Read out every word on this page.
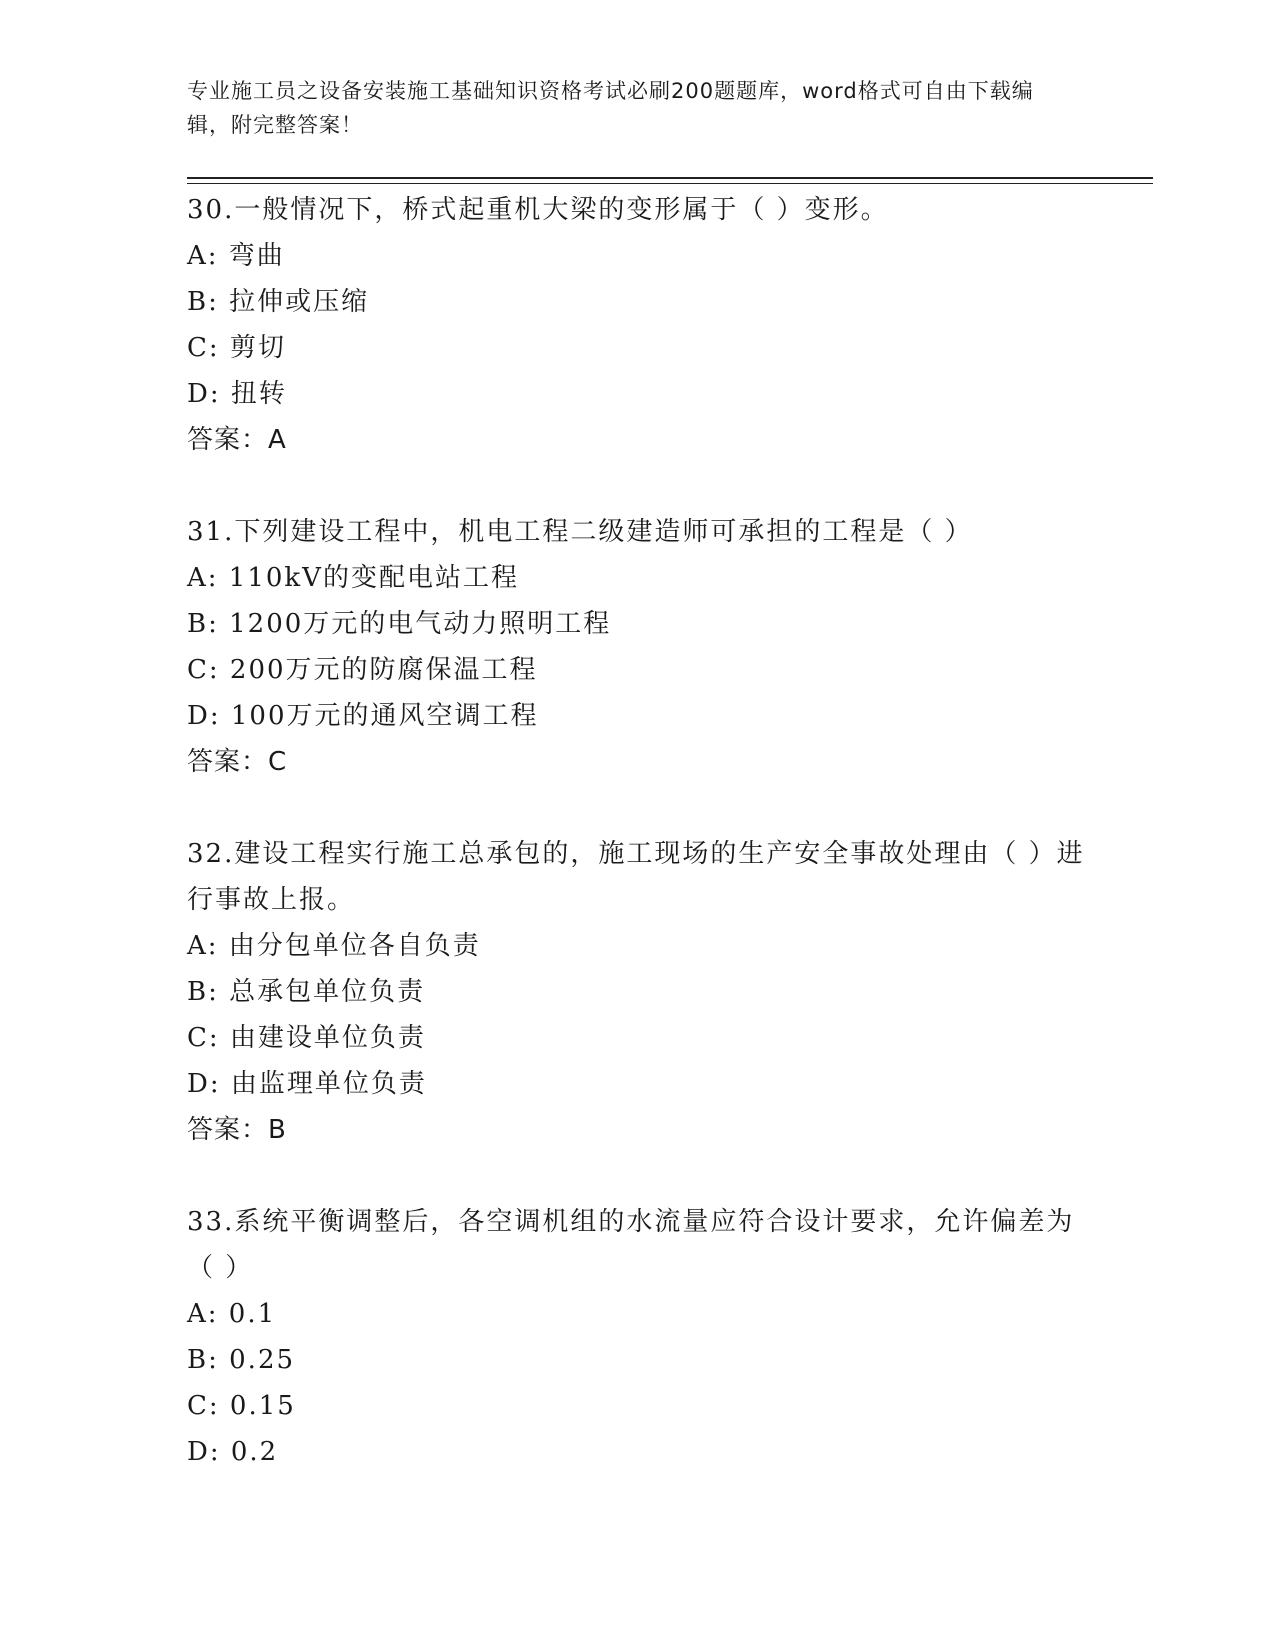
专业施工员之设备安装施工基础知识资格考试必刷200题题库，word格式可自由下载编辑，附完整答案！

30.一般情况下，桥式起重机大梁的变形属于（ ）变形。

A: 弯曲

B: 拉伸或压缩

C: 剪切

D: 扭转

答案：A

31.下列建设工程中，机电工程二级建造师可承担的工程是（ ）

A: 110kV的变配电站工程

B: 1200万元的电气动力照明工程

C: 200万元的防腐保温工程

D: 100万元的通风空调工程

答案：C

32.建设工程实行施工总承包的，施工现场的生产安全事故处理由（ ）进行事故上报。

A: 由分包单位各自负责

B: 总承包单位负责

C: 由建设单位负责

D: 由监理单位负责

答案：B

33.系统平衡调整后，各空调机组的水流量应符合设计要求，允许偏差为（ ）

A: 0.1

B: 0.25

C: 0.15

D: 0.2
